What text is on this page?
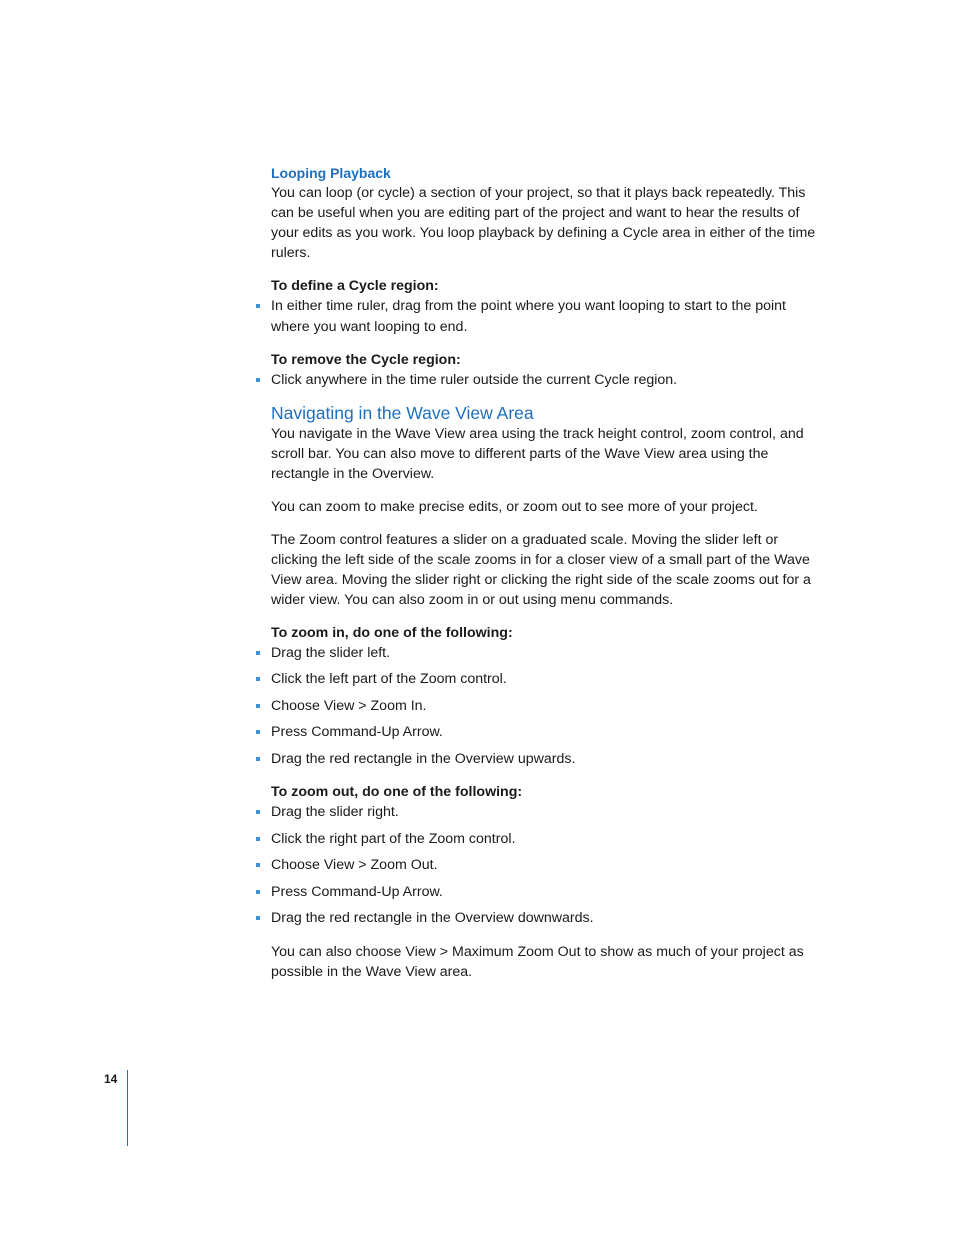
Looping Playback

You can loop (or cycle) a section of your project, so that it plays back repeatedly. This can be useful when you are editing part of the project and want to hear the results of your edits as you work. You loop playback by defining a Cycle area in either of the time rulers.

To define a Cycle region:
In either time ruler, drag from the point where you want looping to start to the point where you want looping to end.
To remove the Cycle region:
Click anywhere in the time ruler outside the current Cycle region.
Navigating in the Wave View Area

You navigate in the Wave View area using the track height control, zoom control, and scroll bar. You can also move to different parts of the Wave View area using the rectangle in the Overview.

You can zoom to make precise edits, or zoom out to see more of your project.

The Zoom control features a slider on a graduated scale. Moving the slider left or clicking the left side of the scale zooms in for a closer view of a small part of the Wave View area. Moving the slider right or clicking the right side of the scale zooms out for a wider view. You can also zoom in or out using menu commands.

To zoom in, do one of the following:
Drag the slider left.
Click the left part of the Zoom control.
Choose View > Zoom In.
Press Command-Up Arrow.
Drag the red rectangle in the Overview upwards.
To zoom out, do one of the following:
Drag the slider right.
Click the right part of the Zoom control.
Choose View > Zoom Out.
Press Command-Up Arrow.
Drag the red rectangle in the Overview downwards.

You can also choose View > Maximum Zoom Out to show as much of your project as possible in the Wave View area.

14
